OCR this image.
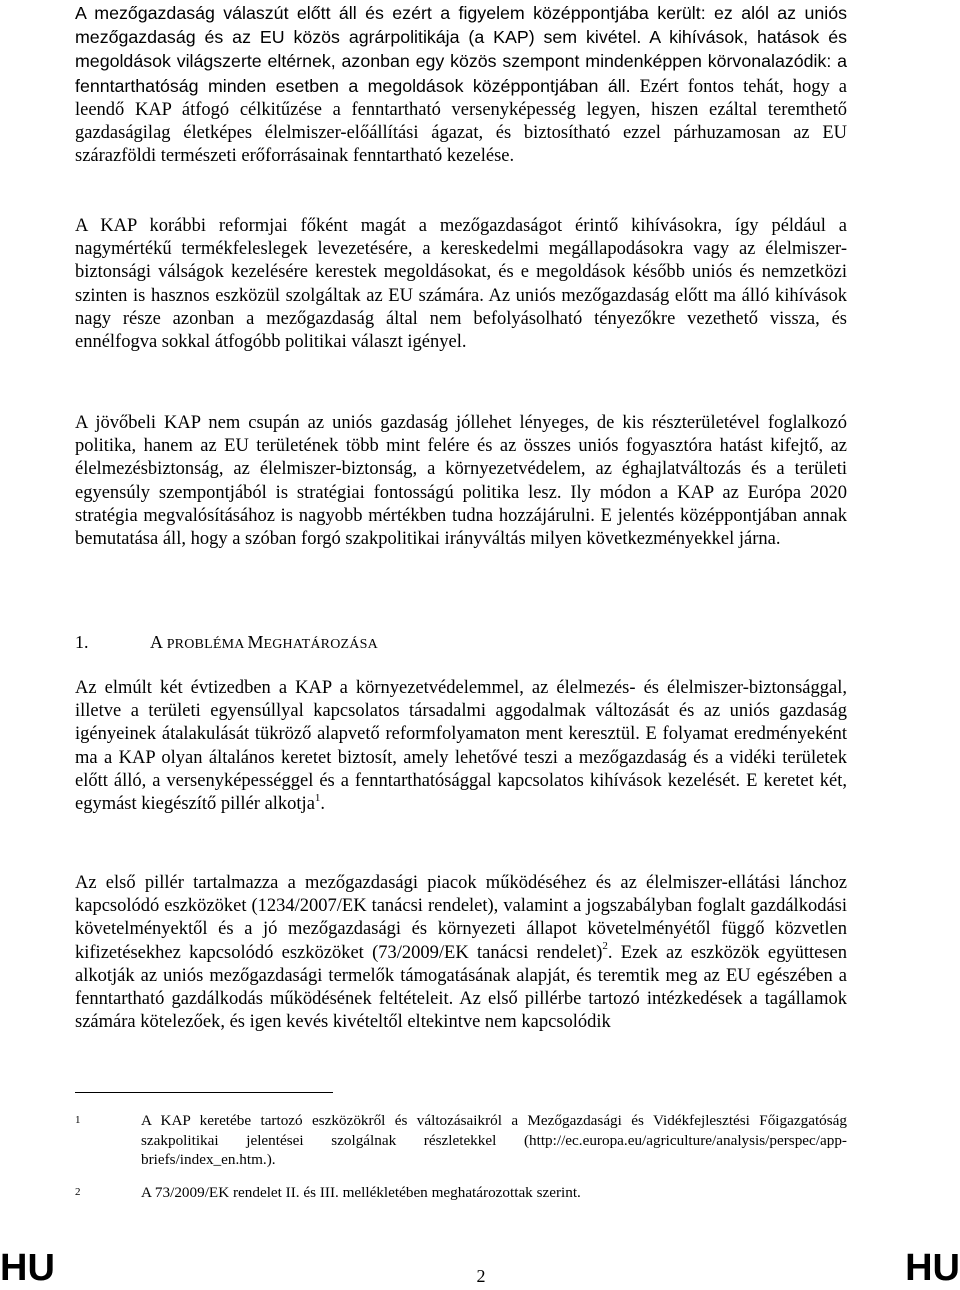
A mezőgazdaság válaszút előtt áll és ezért a figyelem középpontjába került: ez alól az uniós mezőgazdaság és az EU közös agrárpolitikája (a KAP) sem kivétel. A kihívások, hatások és megoldások világszerte eltérnek, azonban egy közös szempont mindenképpen körvonalazódik: a fenntarthatóság minden esetben a megoldások középpontjában áll. Ezért fontos tehát, hogy a leendő KAP átfogó célkitűzése a fenntartható versenyképesség legyen, hiszen ezáltal teremthető gazdaságilag életképes élelmiszer-előállítási ágazat, és biztosítható ezzel párhuzamosan az EU szárazföldi természeti erőforrásainak fenntartható kezelése.

A KAP korábbi reformjai főként magát a mezőgazdaságot érintő kihívásokra, így például a nagymértékű termékfeleslegek levezetésére, a kereskedelmi megállapodásokra vagy az élelmiszer-biztonsági válságok kezelésére kerestek megoldásokat, és e megoldások később uniós és nemzetközi szinten is hasznos eszközül szolgáltak az EU számára. Az uniós mezőgazdaság előtt ma álló kihívások nagy része azonban a mezőgazdaság által nem befolyásolható tényezőkre vezethető vissza, és ennélfogva sokkal átfogóbb politikai választ igényel.

A jövőbeli KAP nem csupán az uniós gazdaság jóllehet lényeges, de kis részterületével foglalkozó politika, hanem az EU területének több mint felére és az összes uniós fogyasztóra hatást kifejtő, az élelmezésbiztonság, az élelmiszer-biztonság, a környezetvédelem, az éghajlatváltozás és a területi egyensúly szempontjából is stratégiai fontosságú politika lesz. Ily módon a KAP az Európa 2020 stratégia megvalósításához is nagyobb mértékben tudna hozzájárulni. E jelentés középpontjában annak bemutatása áll, hogy a szóban forgó szakpolitikai irányváltás milyen következményekkel járna.

1.	A PROBLÉMA MEGHATÁROZÁSA

Az elmúlt két évtizedben a KAP a környezetvédelemmel, az élelmezés- és élelmiszer-biztonsággal, illetve a területi egyensúllyal kapcsolatos társadalmi aggodalmak változását és az uniós gazdaság igényeinek átalakulását tükröző alapvető reformfolyamaton ment keresztül. E folyamat eredményeként ma a KAP olyan általános keretet biztosít, amely lehetővé teszi a mezőgazdaság és a vidéki területek előtt álló, a versenyképességgel és a fenntarthatósággal kapcsolatos kihívások kezelését. E keretet két, egymást kiegészítő pillér alkotja$^1$.

Az első pillér tartalmazza a mezőgazdasági piacok működéséhez és az élelmiszer-ellátási lánchoz kapcsolódó eszközöket (1234/2007/EK tanácsi rendelet), valamint a jogszabályban foglalt gazdálkodási követelményektől és a jó mezőgazdasági és környezeti állapot követelményétől függő közvetlen kifizetésekhez kapcsolódó eszközöket (73/2009/EK tanácsi rendelet)$^2$. Ezek az eszközök együttesen alkotják az uniós mezőgazdasági termelők támogatásának alapját, és teremtik meg az EU egészében a fenntartható gazdálkodás működésének feltételeit. Az első pillérbe tartozó intézkedések a tagállamok számára kötelezőek, és igen kevés kivételtől eltekintve nem kapcsolódik

1	A KAP keretébe tartozó eszközökről és változásaikról a Mezőgazdasági és Vidékfejlesztési Főigazgatóság szakpolitikai jelentései szolgálnak részletekkel (http://ec.europa.eu/agriculture/analysis/perspec/app-briefs/index_en.htm.).
2	A 73/2009/EK rendelet II. és III. mellékletében meghatározottak szerint.
HU	2	HU
